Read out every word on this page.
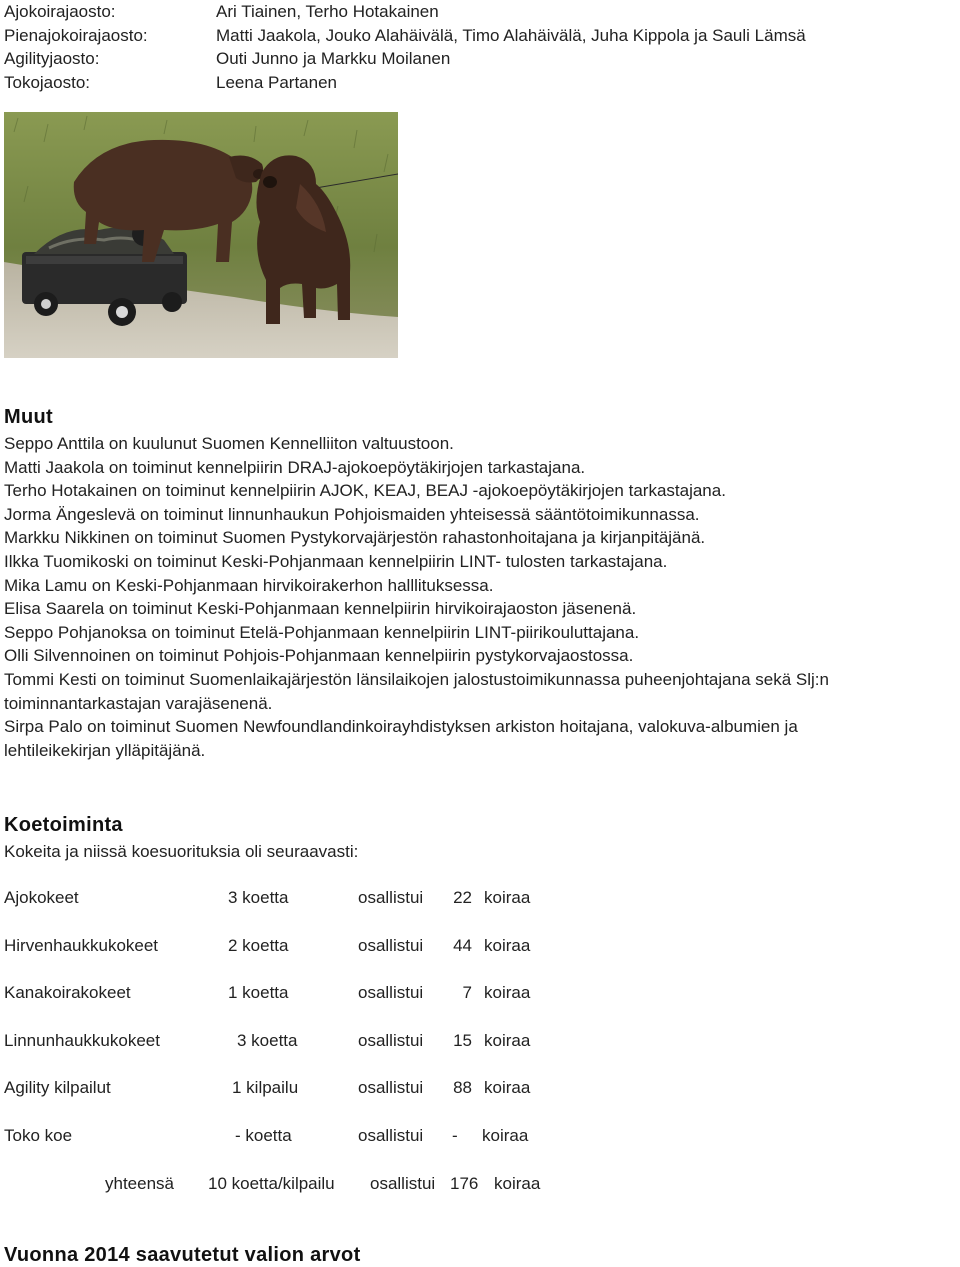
Ajokoirajaosto:	Ari Tiainen, Terho Hotakainen
Pienajokoirajaosto:	Matti Jaakola, Jouko Alahäivälä, Timo Alahäivälä, Juha Kippola ja Sauli Lämsä
Agilityjaosto:	Outi Junno ja Markku Moilanen
Tokojaosto:	Leena Partanen
Muut

Seppo Anttila on kuulunut Suomen Kennelliiton valtuustoon.

Matti Jaakola on toiminut kennelpiirin DRAJ-ajokoepöytäkirjojen tarkastajana.

Terho Hotakainen on toiminut kennelpiirin AJOK, KEAJ, BEAJ -ajokoepöytäkirjojen tarkastajana.

Jorma Ängeslevä on toiminut linnunhaukun Pohjoismaiden yhteisessä sääntötoimikunnassa.

Markku Nikkinen on toiminut Suomen Pystykorvajärjestön rahastonhoitajana ja kirjanpitäjänä.

Ilkka Tuomikoski on toiminut Keski-Pohjanmaan kennelpiirin LINT- tulosten tarkastajana.

Mika Lamu on Keski-Pohjanmaan hirvikoirakerhon halllituksessa.

Elisa Saarela on toiminut Keski-Pohjanmaan kennelpiirin hirvikoirajaoston jäsenenä.

Seppo Pohjanoksa on toiminut Etelä-Pohjanmaan kennelpiirin LINT-piirikouluttajana.

Olli Silvennoinen on toiminut Pohjois-Pohjanmaan kennelpiirin pystykorvajaostossa.

Tommi Kesti on toiminut Suomenlaikajärjestön länsilaikojen jalostustoimikunnassa puheenjohtajana sekä Slj:n

toiminnantarkastajan varajäsenenä.

Sirpa Palo on toiminut Suomen Newfoundlandinkoirayhdistyksen arkiston hoitajana, valokuva-albumien ja

lehtileikekirjan ylläpitäjänä.

Koetoiminta
Kokeita ja niissä koesuorituksia oli seuraavasti:
Ajokokeet	3 koetta	osallistui	22 koiraa
Hirvenhaukkukokeet	2 koetta	osallistui	44 koiraa
Kanakoirakokeet	1 koetta	osallistui	7 koiraa
Linnunhaukkukokeet	3 koetta	osallistui	15 koiraa
Agility kilpailut	1 kilpailu	osallistui	88 koiraa
Toko koe	- koetta	osallistui -	koiraa
yhteensä 10 koetta/kilpailu osallistui 176 koiraa
Vuonna 2014 saavutetut valion arvot
